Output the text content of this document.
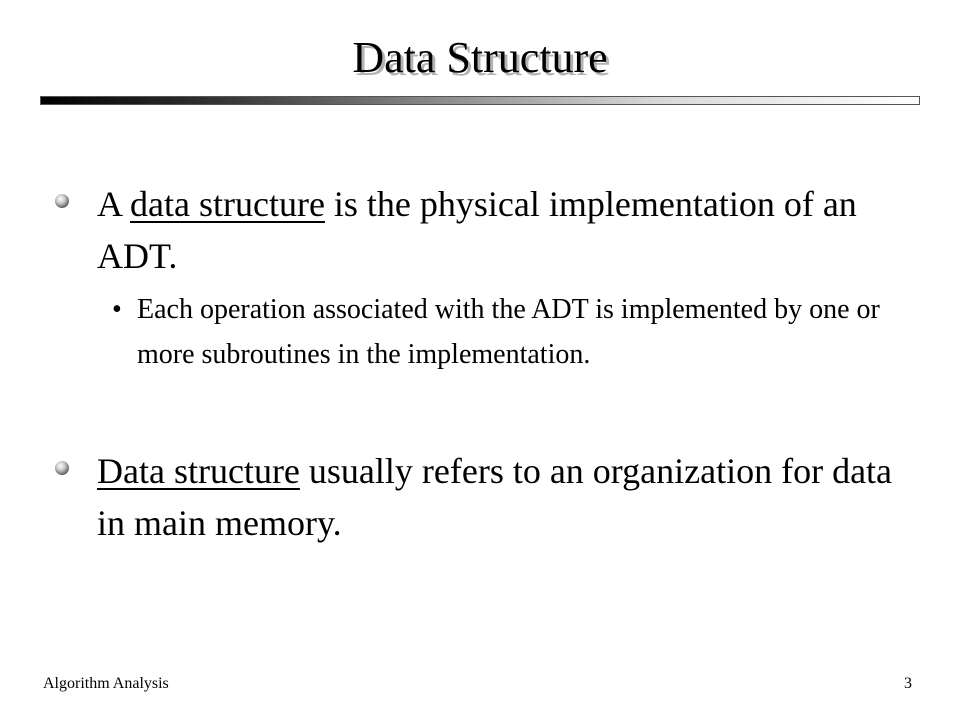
Data Structure
A data structure is the physical implementation of an ADT.
• Each operation associated with the ADT is implemented by one or more subroutines in the implementation.
Data structure usually refers to an organization for data in main memory.
Algorithm Analysis	3
